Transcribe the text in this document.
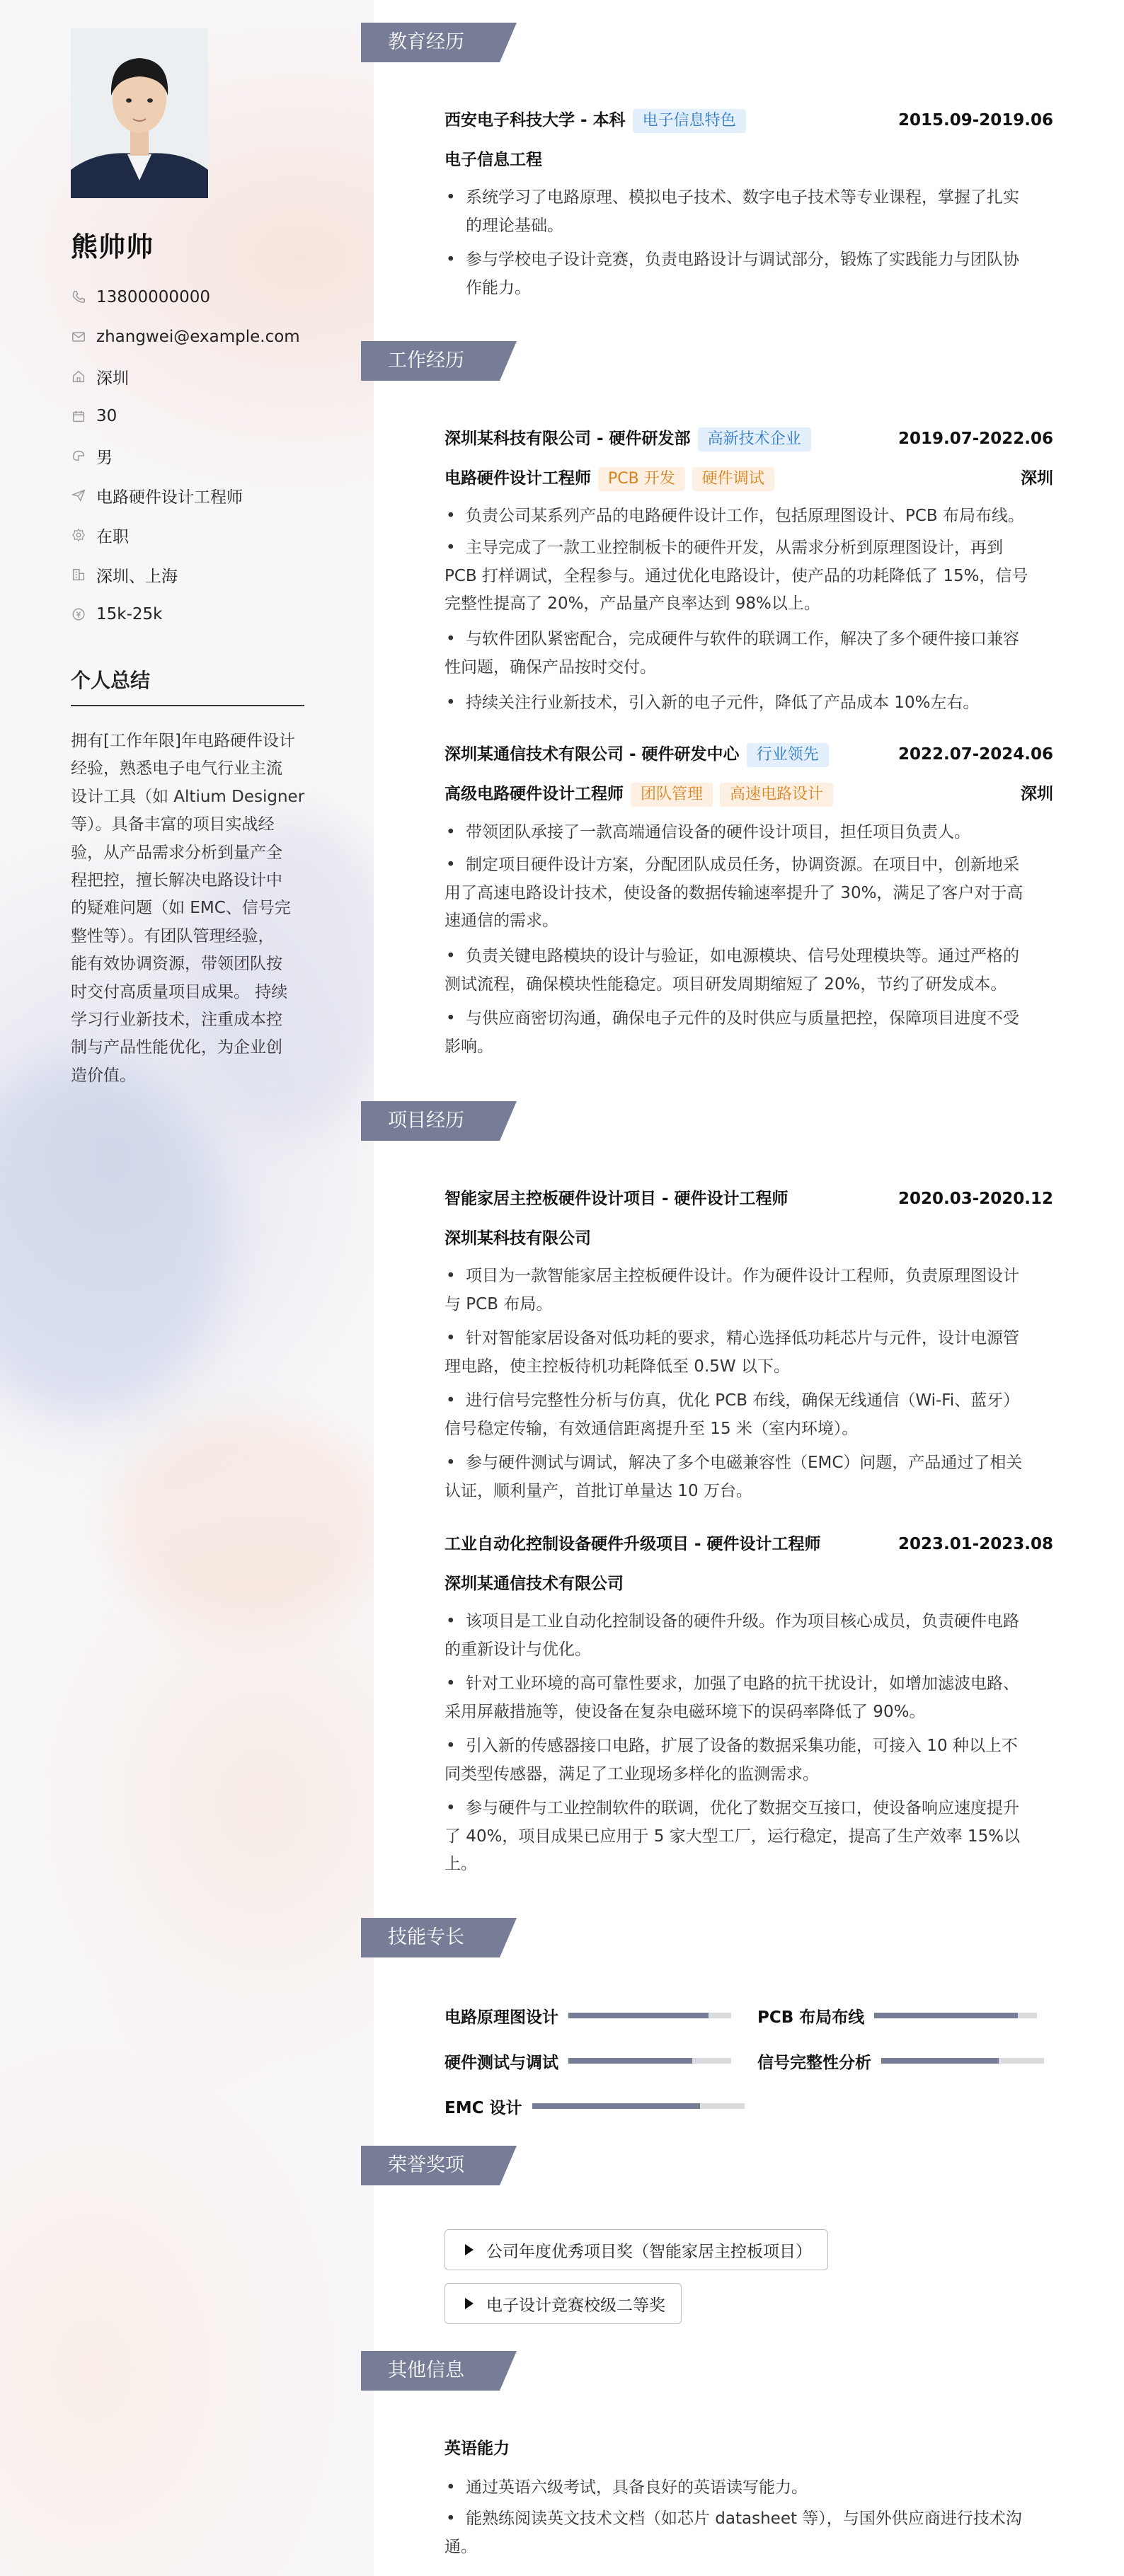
熊帅帅
13800000000
zhangwei@example.com
深圳
30
男
电路硬件设计工程师
在职
深圳、上海
15k-25k
个人总结
拥有[工作年限]年电路硬件设计
经验，熟悉电子电气行业主流
设计工具（如 Altium Designer
等）。具备丰富的项目实战经
验，从产品需求分析到量产全
程把控，擅长解决电路设计中
的疑难问题（如 EMC、信号完
整性等）。有团队管理经验，
能有效协调资源，带领团队按
时交付高质量项目成果。 持续
学习行业新技术，注重成本控
制与产品性能优化，为企业创
造价值。
教育经历
西安电子科技大学 - 本科 电子信息特色	2015.09-2019.06
电子信息工程
• 系统学习了电路原理、模拟电子技术、数字电子技术等专业课程，掌握了扎实
的理论基础。
• 参与学校电子设计竞赛，负责电路设计与调试部分，锻炼了实践能力与团队协
作能力。
工作经历
深圳某科技有限公司 - 硬件研发部 高新技术企业	2019.07-2022.06
电路硬件设计工程师 PCB 开发 硬件调试	深圳
• 负责公司某系列产品的电路硬件设计工作，包括原理图设计、PCB 布局布线。
• 主导完成了一款工业控制板卡的硬件开发，从需求分析到原理图设计，再到
PCB 打样调试，全程参与。通过优化电路设计，使产品的功耗降低了 15%，信号
完整性提高了 20%，产品量产良率达到 98%以上。
• 与软件团队紧密配合，完成硬件与软件的联调工作，解决了多个硬件接口兼容
性问题，确保产品按时交付。
• 持续关注行业新技术，引入新的电子元件，降低了产品成本 10%左右。
深圳某通信技术有限公司 - 硬件研发中心 行业领先	2022.07-2024.06
高级电路硬件设计工程师 团队管理 高速电路设计	深圳
• 带领团队承接了一款高端通信设备的硬件设计项目，担任项目负责人。
• 制定项目硬件设计方案，分配团队成员任务，协调资源。在项目中，创新地采
用了高速电路设计技术，使设备的数据传输速率提升了 30%，满足了客户对于高
速通信的需求。
• 负责关键电路模块的设计与验证，如电源模块、信号处理模块等。通过严格的
测试流程，确保模块性能稳定。项目研发周期缩短了 20%，节约了研发成本。
• 与供应商密切沟通，确保电子元件的及时供应与质量把控，保障项目进度不受
影响。
项目经历
智能家居主控板硬件设计项目 - 硬件设计工程师	2020.03-2020.12
深圳某科技有限公司
• 项目为一款智能家居主控板硬件设计。作为硬件设计工程师，负责原理图设计
与 PCB 布局。
• 针对智能家居设备对低功耗的要求，精心选择低功耗芯片与元件，设计电源管
理电路，使主控板待机功耗降低至 0.5W 以下。
• 进行信号完整性分析与仿真，优化 PCB 布线，确保无线通信（Wi-Fi、蓝牙）
信号稳定传输，有效通信距离提升至 15 米（室内环境）。
• 参与硬件测试与调试，解决了多个电磁兼容性（EMC）问题，产品通过了相关
认证，顺利量产，首批订单量达 10 万台。
工业自动化控制设备硬件升级项目 - 硬件设计工程师	2023.01-2023.08
深圳某通信技术有限公司
• 该项目是工业自动化控制设备的硬件升级。作为项目核心成员，负责硬件电路
的重新设计与优化。
• 针对工业环境的高可靠性要求，加强了电路的抗干扰设计，如增加滤波电路、
采用屏蔽措施等，使设备在复杂电磁环境下的误码率降低了 90%。
• 引入新的传感器接口电路，扩展了设备的数据采集功能，可接入 10 种以上不
同类型传感器，满足了工业现场多样化的监测需求。
• 参与硬件与工业控制软件的联调，优化了数据交互接口，使设备响应速度提升
了 40%，项目成果已应用于 5 家大型工厂，运行稳定，提高了生产效率 15%以
上。
技能专长
电路原理图设计	PCB 布局布线
硬件测试与调试	信号完整性分析
EMC 设计
荣誉奖项
公司年度优秀项目奖（智能家居主控板项目）
电子设计竞赛校级二等奖
其他信息
英语能力
• 通过英语六级考试，具备良好的英语读写能力。
• 能熟练阅读英文技术文档（如芯片 datasheet 等），与国外供应商进行技术沟
通。
